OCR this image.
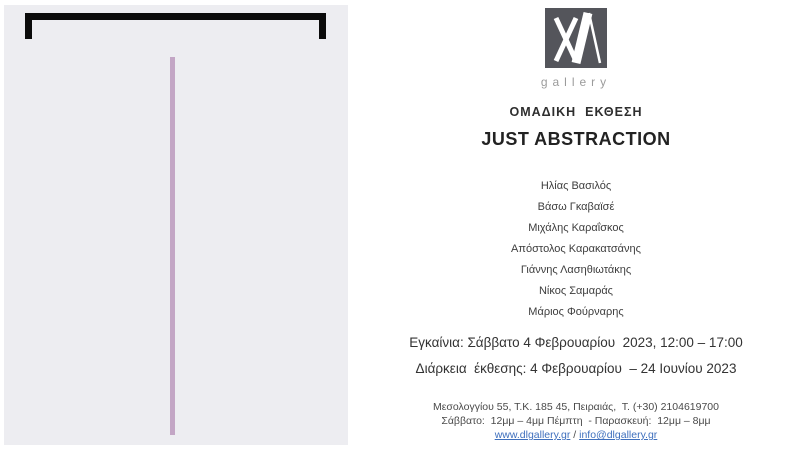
gallery
ΟΜΑΔΙΚΗ  ΕΚΘΕΣΗ
JUST ABSTRACTION
Ηλίας Βασιλός
Βάσω Γκαβαϊσέ
Μιχάλης Καραΐσκος
Απόστολος Καρακατσάνης
Γιάννης Λασηθιωτάκης
Νίκος Σαμαράς
Μάριος Φούρναρης
Εγκαίνια: Σάββατο 4 Φεβρουαρίου  2023, 12:00 – 17:00
Διάρκεια  έκθεσης: 4 Φεβρουαρίου  – 24 Ιουνίου 2023
Μεσολογγίου 55, Τ.Κ. 185 45, Πειραιάς,  Τ. (+30) 2104619700
Σάββατο:  12μμ – 4μμ Πέμπτη  - Παρασκευή:  12μμ – 8μμ
www.dlgallery.gr / info@dlgallery.gr
